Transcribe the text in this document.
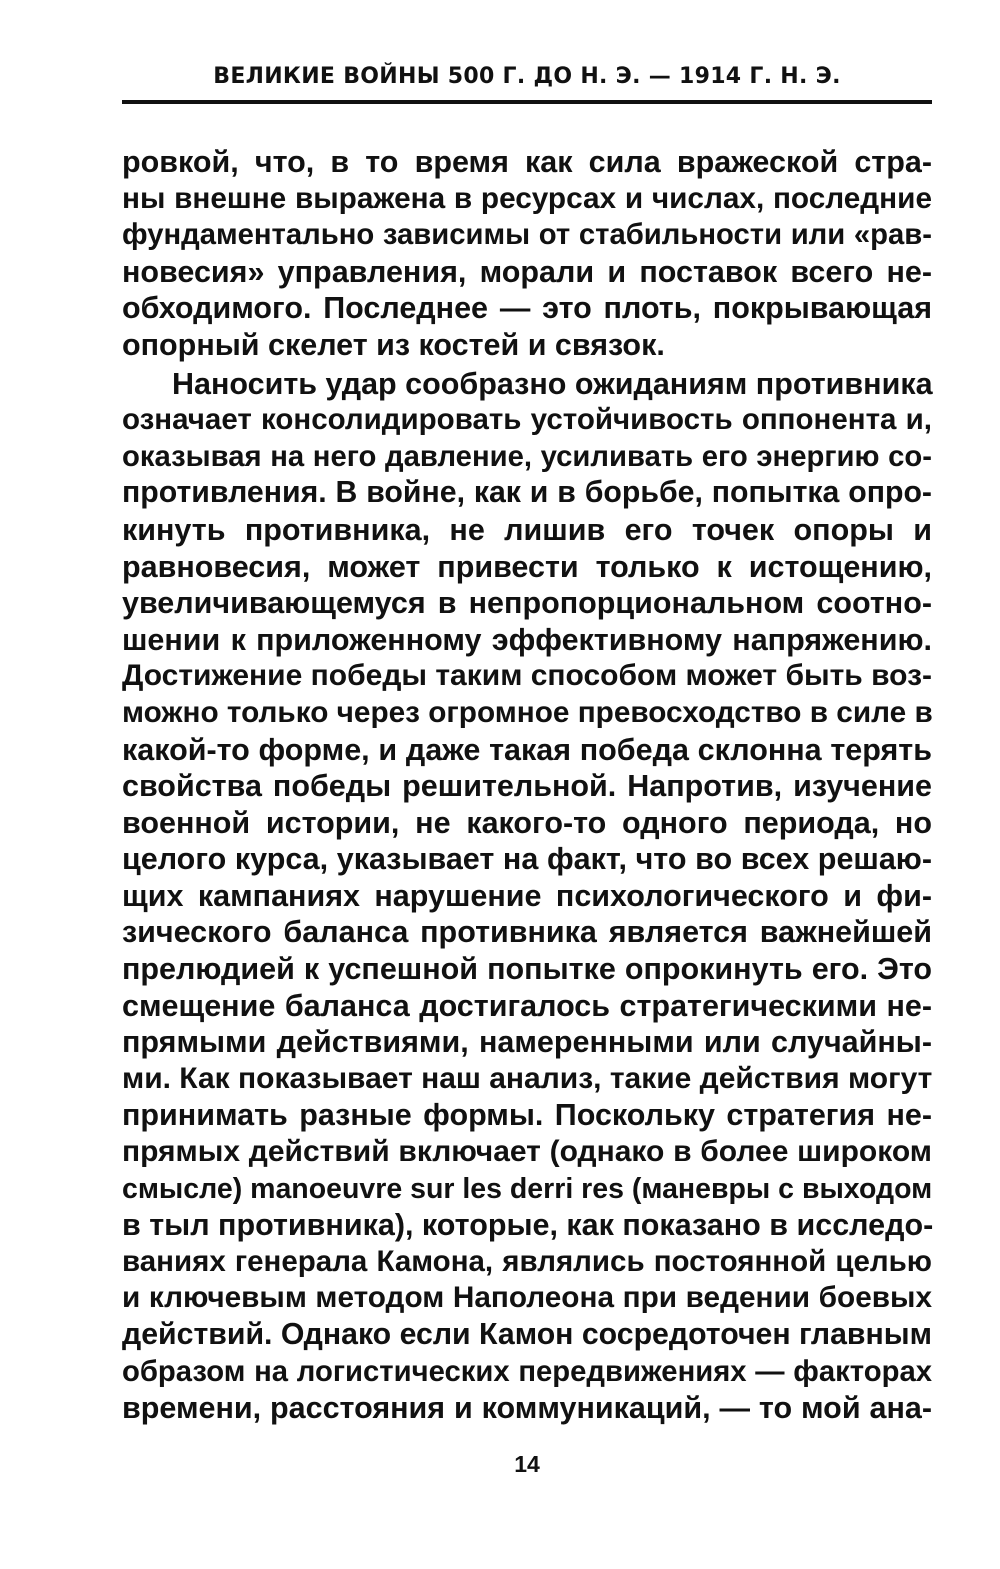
ВЕЛИКИЕ ВОЙНЫ 500 Г. ДО Н. Э. — 1914 Г. Н. Э.
ровкой, что, в то время как сила вражеской стра-
ны внешне выражена в ресурсах и числах, последние
фундаментально зависимы от стабильности или «рав-
новесия» управления, морали и поставок всего не-
обходимого. Последнее — это плоть, покрывающая
опорный скелет из костей и связок.
Наносить удар сообразно ожиданиям противника
означает консолидировать устойчивость оппонента и,
оказывая на него давление, усиливать его энергию со-
противления. В войне, как и в борьбе, попытка опро-
кинуть противника, не лишив его точек опоры и
равновесия, может привести только к истощению,
увеличивающемуся в непропорциональном соотно-
шении к приложенному эффективному напряжению.
Достижение победы таким способом может быть воз-
можно только через огромное превосходство в силе в
какой-то форме, и даже такая победа склонна терять
свойства победы решительной. Напротив, изучение
военной истории, не какого-то одного периода, но
целого курса, указывает на факт, что во всех решаю-
щих кампаниях нарушение психологического и фи-
зического баланса противника является важнейшей
прелюдией к успешной попытке опрокинуть его. Это
смещение баланса достигалось стратегическими не-
прямыми действиями, намеренными или случайны-
ми. Как показывает наш анализ, такие действия могут
принимать разные формы. Поскольку стратегия не-
прямых действий включает (однако в более широком
смысле) manoeuvre sur les derri res (маневры с выходом
в тыл противника), которые, как показано в исследо-
ваниях генерала Камона, являлись постоянной целью
и ключевым методом Наполеона при ведении боевых
действий. Однако если Камон сосредоточен главным
образом на логистических передвижениях — факторах
времени, расстояния и коммуникаций, — то мой ана-
14
